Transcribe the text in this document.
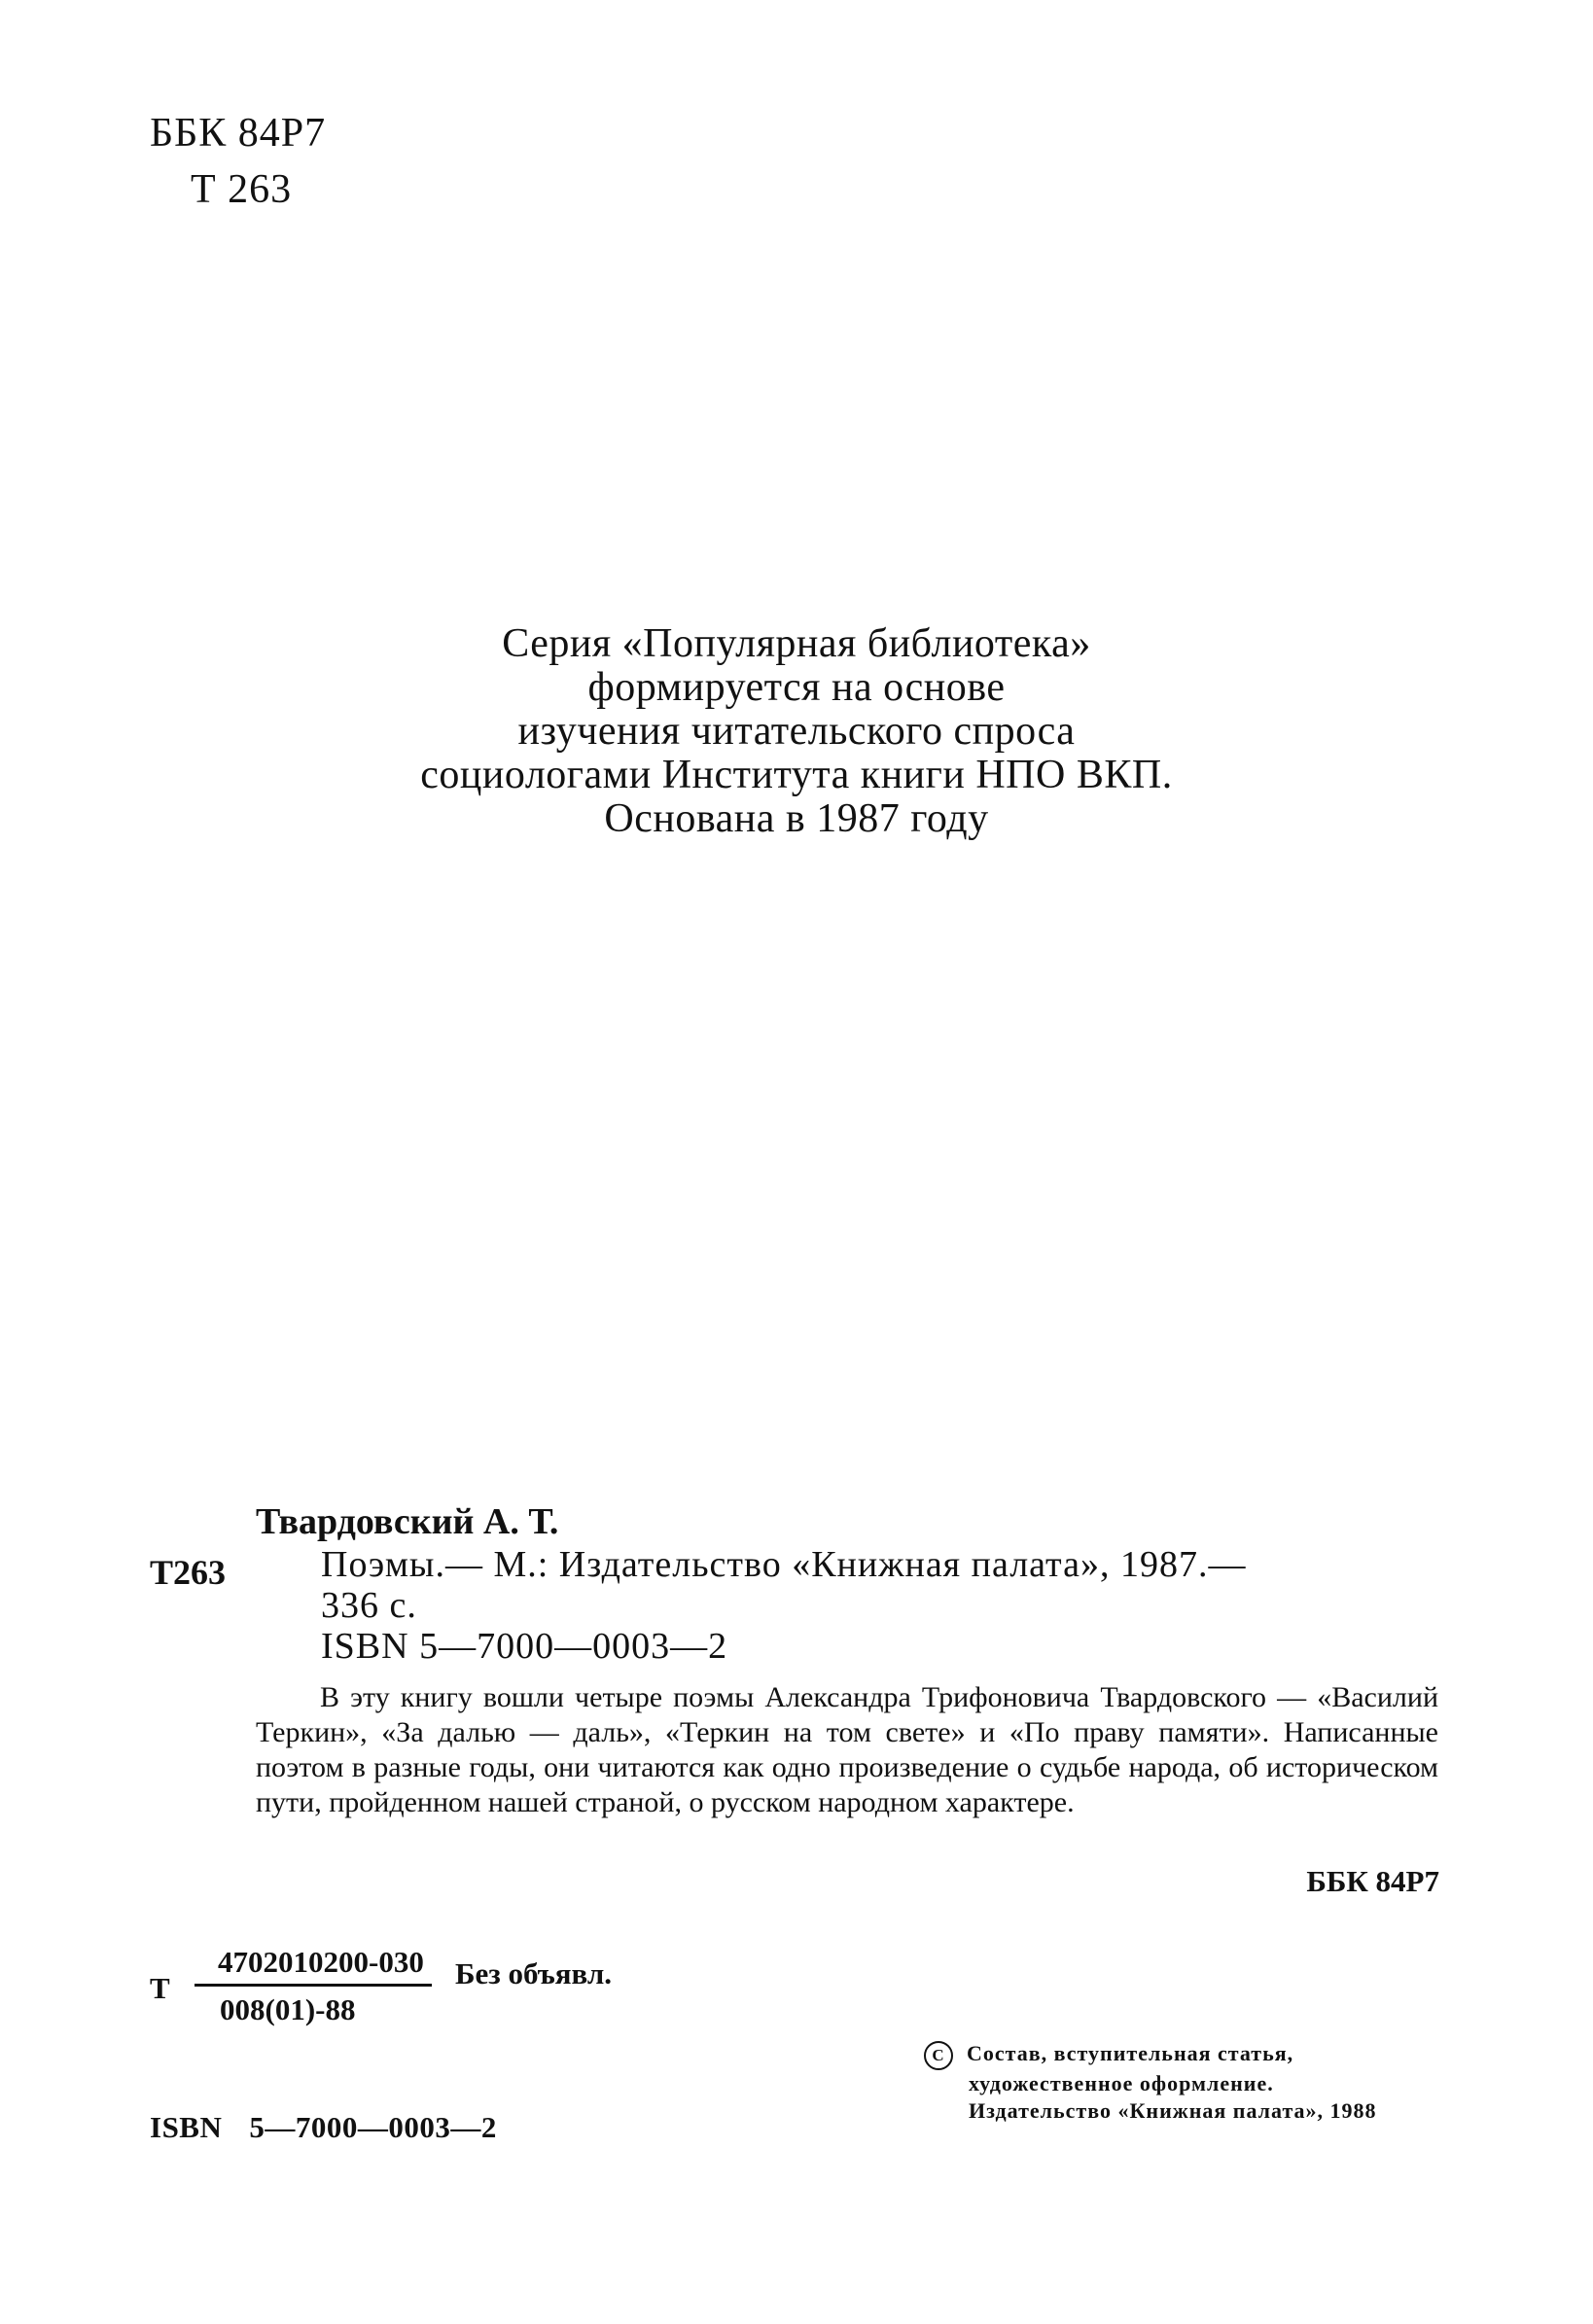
ББК 84Р7
Т 263
Серия «Популярная библиотека»
формируется на основе
изучения читательского спроса
социологами Института книги НПО ВКП.
Основана в 1987 году
Твардовский А. Т.
Т263	Поэмы.— М.: Издательство «Книжная палата», 1987.—
336 с.
ISBN 5—7000—0003—2
В эту книгу вошли четыре поэмы Александра Трифоновича Твардовского — «Василий Теркин», «За далью — даль», «Теркин на том свете» и «По праву памяти». Написанные поэтом в разные годы, они читаются как одно произведение о судьбе народа, об историческом пути, пройденном нашей страной, о русском народном характере.
ББК 84Р7
Т $\frac{4702010200-030}{008(01)-88}$ Без объявл.
ISBN 5—7000—0003—2
C Состав, вступительная статья,
художественное оформление.
Издательство «Книжная палата», 1988
